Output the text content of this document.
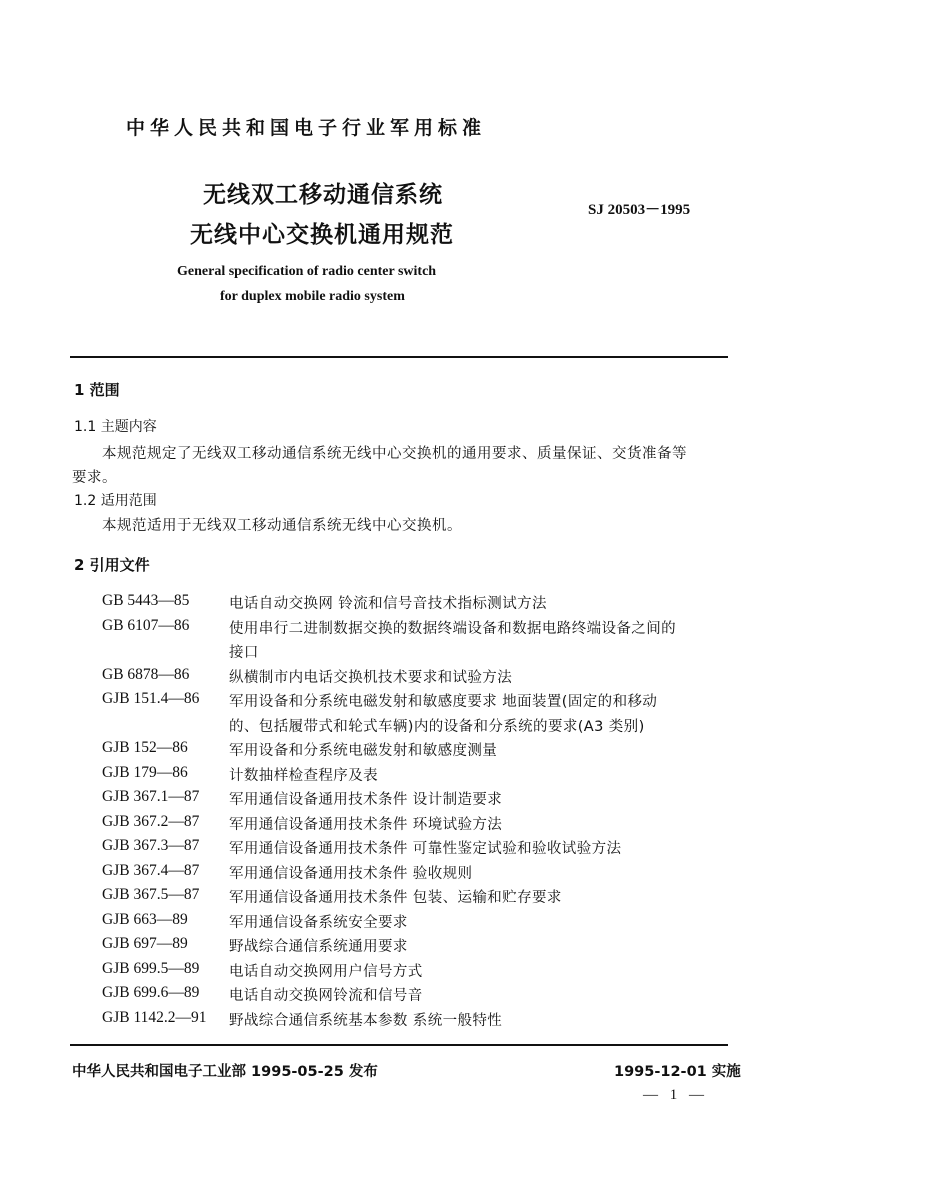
中华人民共和国电子行业军用标准
无线双工移动通信系统
无线中心交换机通用规范
SJ 20503－1995
General specification of radio center switch
for duplex mobile radio system
1 范围
1.1 主题内容
本规范规定了无线双工移动通信系统无线中心交换机的通用要求、质量保证、交货准备等
要求。
1.2 适用范围
本规范适用于无线双工移动通信系统无线中心交换机。
2 引用文件
GB 5443—85	电话自动交换网 铃流和信号音技术指标测试方法
GB 6107—86	使用串行二进制数据交换的数据终端设备和数据电路终端设备之间的
接口
GB 6878—86	纵横制市内电话交换机技术要求和试验方法
GJB 151.4—86 军用设备和分系统电磁发射和敏感度要求 地面装置(固定的和移动
的、包括履带式和轮式车辆)内的设备和分系统的要求(A3 类别)
GJB 152—86	军用设备和分系统电磁发射和敏感度测量
GJB 179—86	计数抽样检查程序及表
GJB 367.1—87 军用通信设备通用技术条件 设计制造要求
GJB 367.2—87 军用通信设备通用技术条件 环境试验方法
GJB 367.3—87 军用通信设备通用技术条件 可靠性鉴定试验和验收试验方法
GJB 367.4—87 军用通信设备通用技术条件 验收规则
GJB 367.5—87 军用通信设备通用技术条件 包装、运输和贮存要求
GJB 663—89	军用通信设备系统安全要求
GJB 697—89	野战综合通信系统通用要求
GJB 699.5—89 电话自动交换网用户信号方式
GJB 699.6—89 电话自动交换网铃流和信号音
GJB 1142.2—91 野战综合通信系统基本参数 系统一般特性
中华人民共和国电子工业部 1995-05-25 发布	1995-12-01 实施
— 1 —
